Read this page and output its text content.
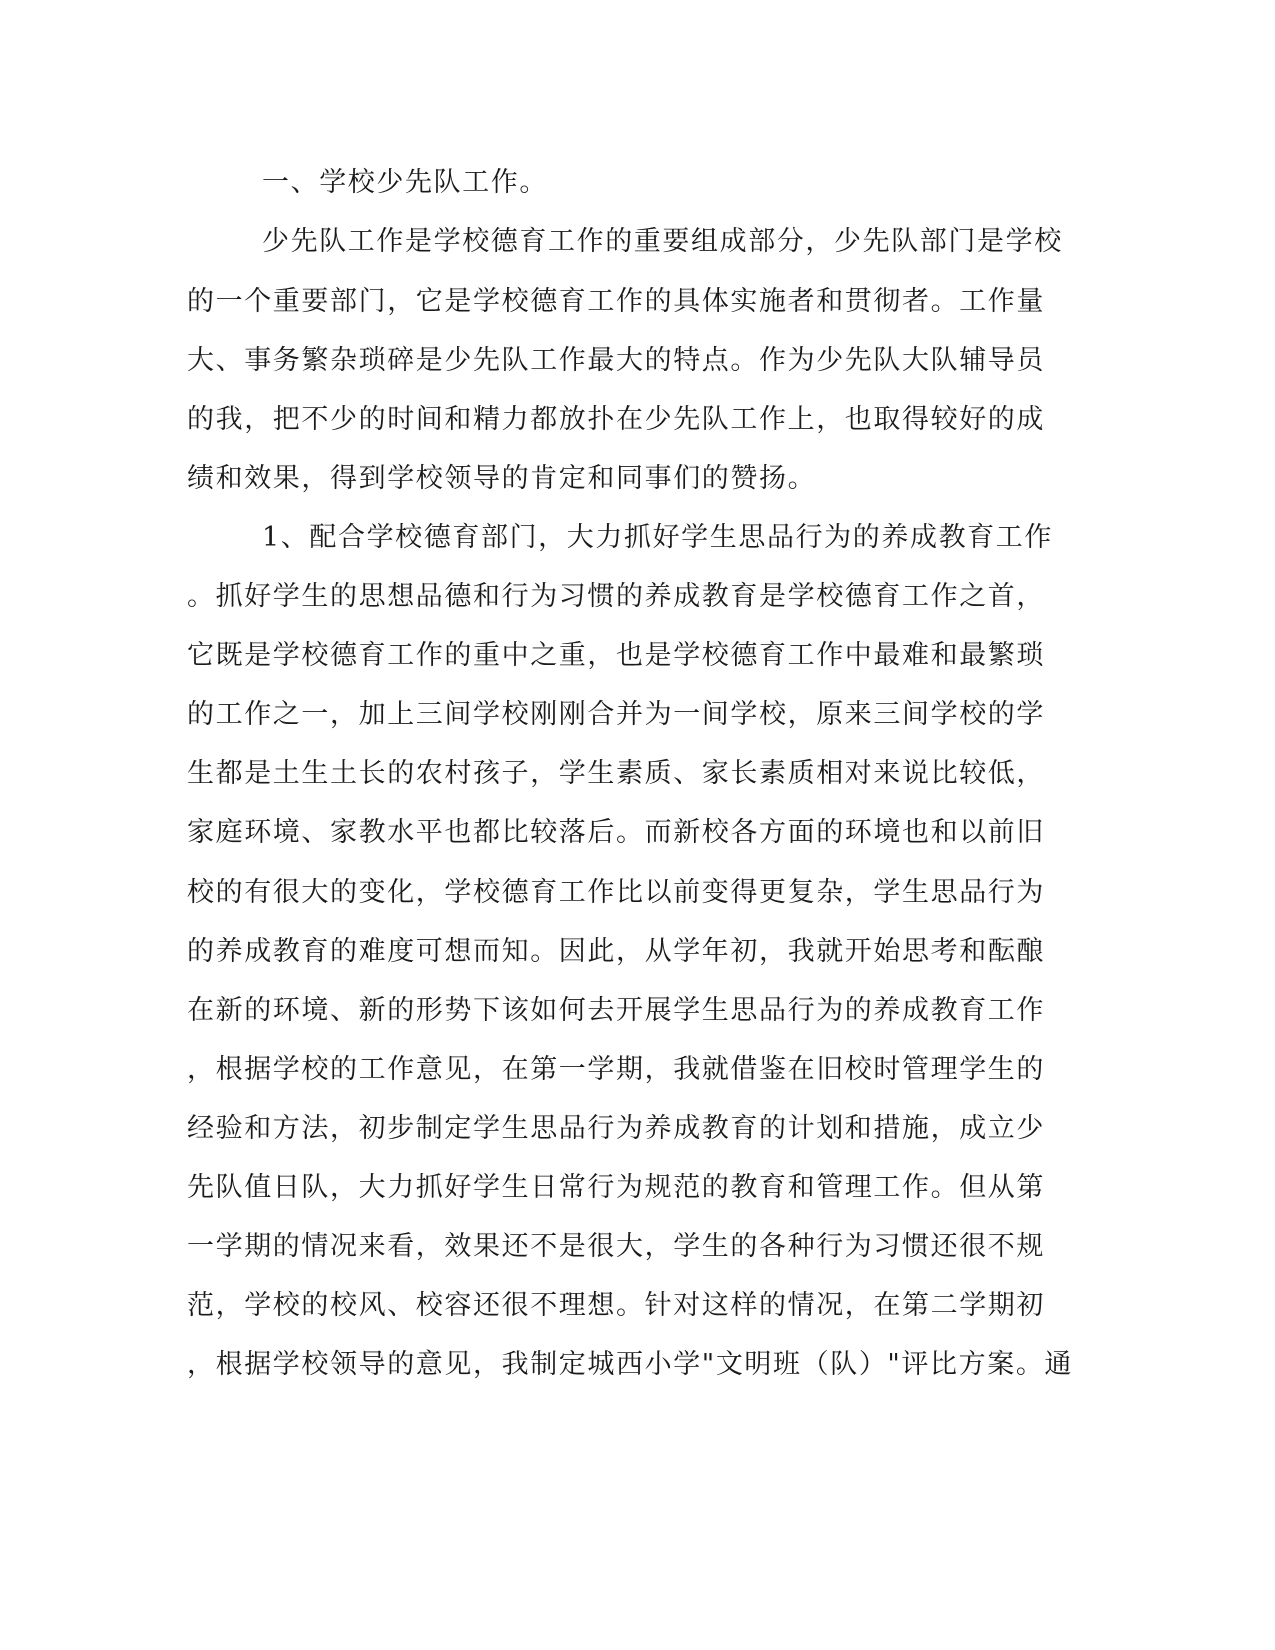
一、学校少先队工作。
少先队工作是学校德育工作的重要组成部分，少先队部门是学校
的一个重要部门，它是学校德育工作的具体实施者和贯彻者。工作量
大、事务繁杂琐碎是少先队工作最大的特点。作为少先队大队辅导员
的我，把不少的时间和精力都放扑在少先队工作上，也取得较好的成
绩和效果，得到学校领导的肯定和同事们的赞扬。
1、配合学校德育部门，大力抓好学生思品行为的养成教育工作
。抓好学生的思想品德和行为习惯的养成教育是学校德育工作之首，
它既是学校德育工作的重中之重，也是学校德育工作中最难和最繁琐
的工作之一，加上三间学校刚刚合并为一间学校，原来三间学校的学
生都是土生土长的农村孩子，学生素质、家长素质相对来说比较低，
家庭环境、家教水平也都比较落后。而新校各方面的环境也和以前旧
校的有很大的变化，学校德育工作比以前变得更复杂，学生思品行为
的养成教育的难度可想而知。因此，从学年初，我就开始思考和酝酿
在新的环境、新的形势下该如何去开展学生思品行为的养成教育工作
，根据学校的工作意见，在第一学期，我就借鉴在旧校时管理学生的
经验和方法，初步制定学生思品行为养成教育的计划和措施，成立少
先队值日队，大力抓好学生日常行为规范的教育和管理工作。但从第
一学期的情况来看，效果还不是很大，学生的各种行为习惯还很不规
范，学校的校风、校容还很不理想。针对这样的情况，在第二学期初
，根据学校领导的意见，我制定城西小学"文明班（队）"评比方案。通
